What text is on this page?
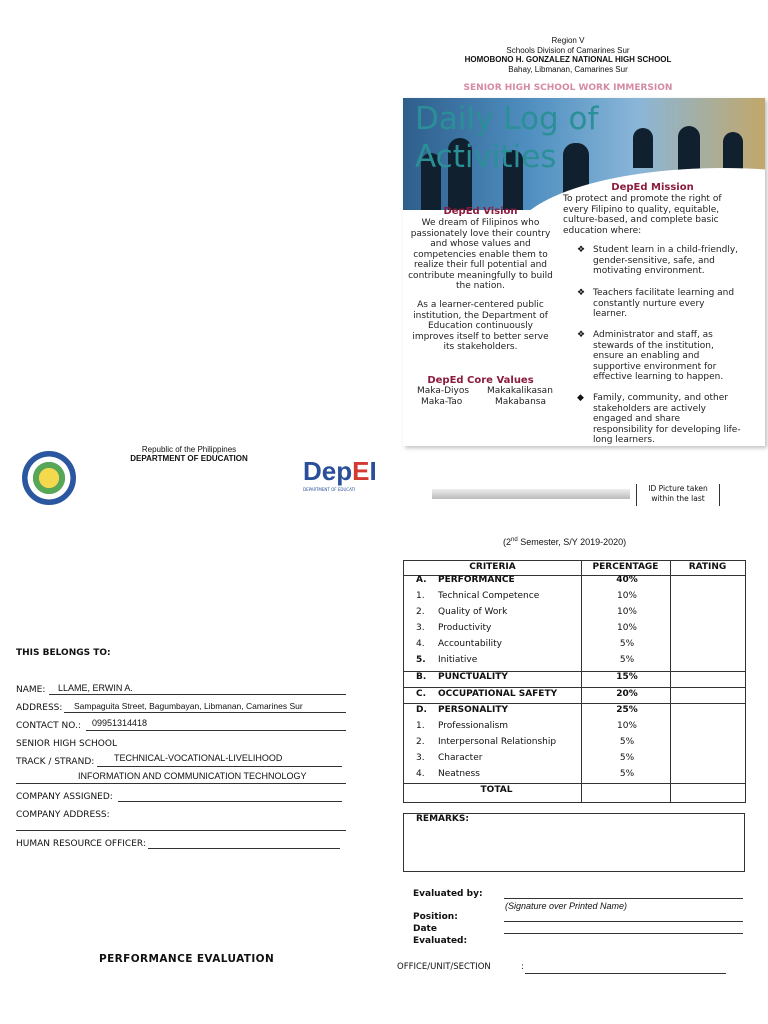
Region V
Schools Division of Camarines Sur
HOMOBONO H. GONZALEZ NATIONAL HIGH SCHOOL
Bahay, Libmanan, Camarines Sur
SENIOR HIGH SCHOOL WORK IMMERSION
Daily Log of
Activities
DepEd Vision
We dream of Filipinos who
passionately love their country
and whose values and
competencies enable them to
realize their full potential and
contribute meaningfully to build
the nation.
As a learner-centered public
institution, the Department of
Education continuously
improves itself to better serve
its stakeholders.
DepEd Core Values
Maka-Diyos Makakalikasan
Maka-Tao	Makabansa
DepEd Mission
To protect and promote the right of
every Filipino to quality, equitable,
culture-based, and complete basic
education where:
❖ Student learn in a child-friendly,
gender-sensitive, safe, and
motivating environment.
❖ Teachers facilitate learning and
constantly nurture every
learner.
❖ Administrator and staff, as
stewards of the institution,
ensure an enabling and
supportive environment for
effective learning to happen.
◆ Family, community, and other
stakeholders are actively
engaged and share
responsibility for developing life-
long learners.
ID Picture taken
within the last
Republic of the Philippines
DEPARTMENT OF EDUCATION	DepEI
DEPARTMENT OF EDUCATI
THIS BELONGS TO:
NAME: LLAME, ERWIN A.
ADDRESS: Sampaguita Street, Bagumbayan, Libmanan, Camarines Sur
CONTACT NO.: 09951314418
SENIOR HIGH SCHOOL
TRACK / STRAND: TECHNICAL-VOCATIONAL-LIVELIHOOD
INFORMATION AND COMMUNICATION TECHNOLOGY
COMPANY ASSIGNED:
COMPANY ADDRESS:
HUMAN RESOURCE OFFICER:
PERFORMANCE EVALUATION
(2nd Semester, S/Y 2019-2020)
CRITERIA	PERCENTAGE	RATING
A. PERFORMANCE	40%
1. Technical Competence	10%
2. Quality of Work	10%
3. Productivity	10%
4. Accountability	5%
5. Initiative	5%
B. PUNCTUALITY	15%
C. OCCUPATIONAL SAFETY	20%
D. PERSONALITY	25%
1. Professionalism	10%
2. Interpersonal Relationship	5%
3. Character	5%
4. Neatness	5%
TOTAL
REMARKS:
Evaluated by:
(Signature over Printed Name)
Position:
Date
Evaluated:
OFFICE/UNIT/SECTION	:
